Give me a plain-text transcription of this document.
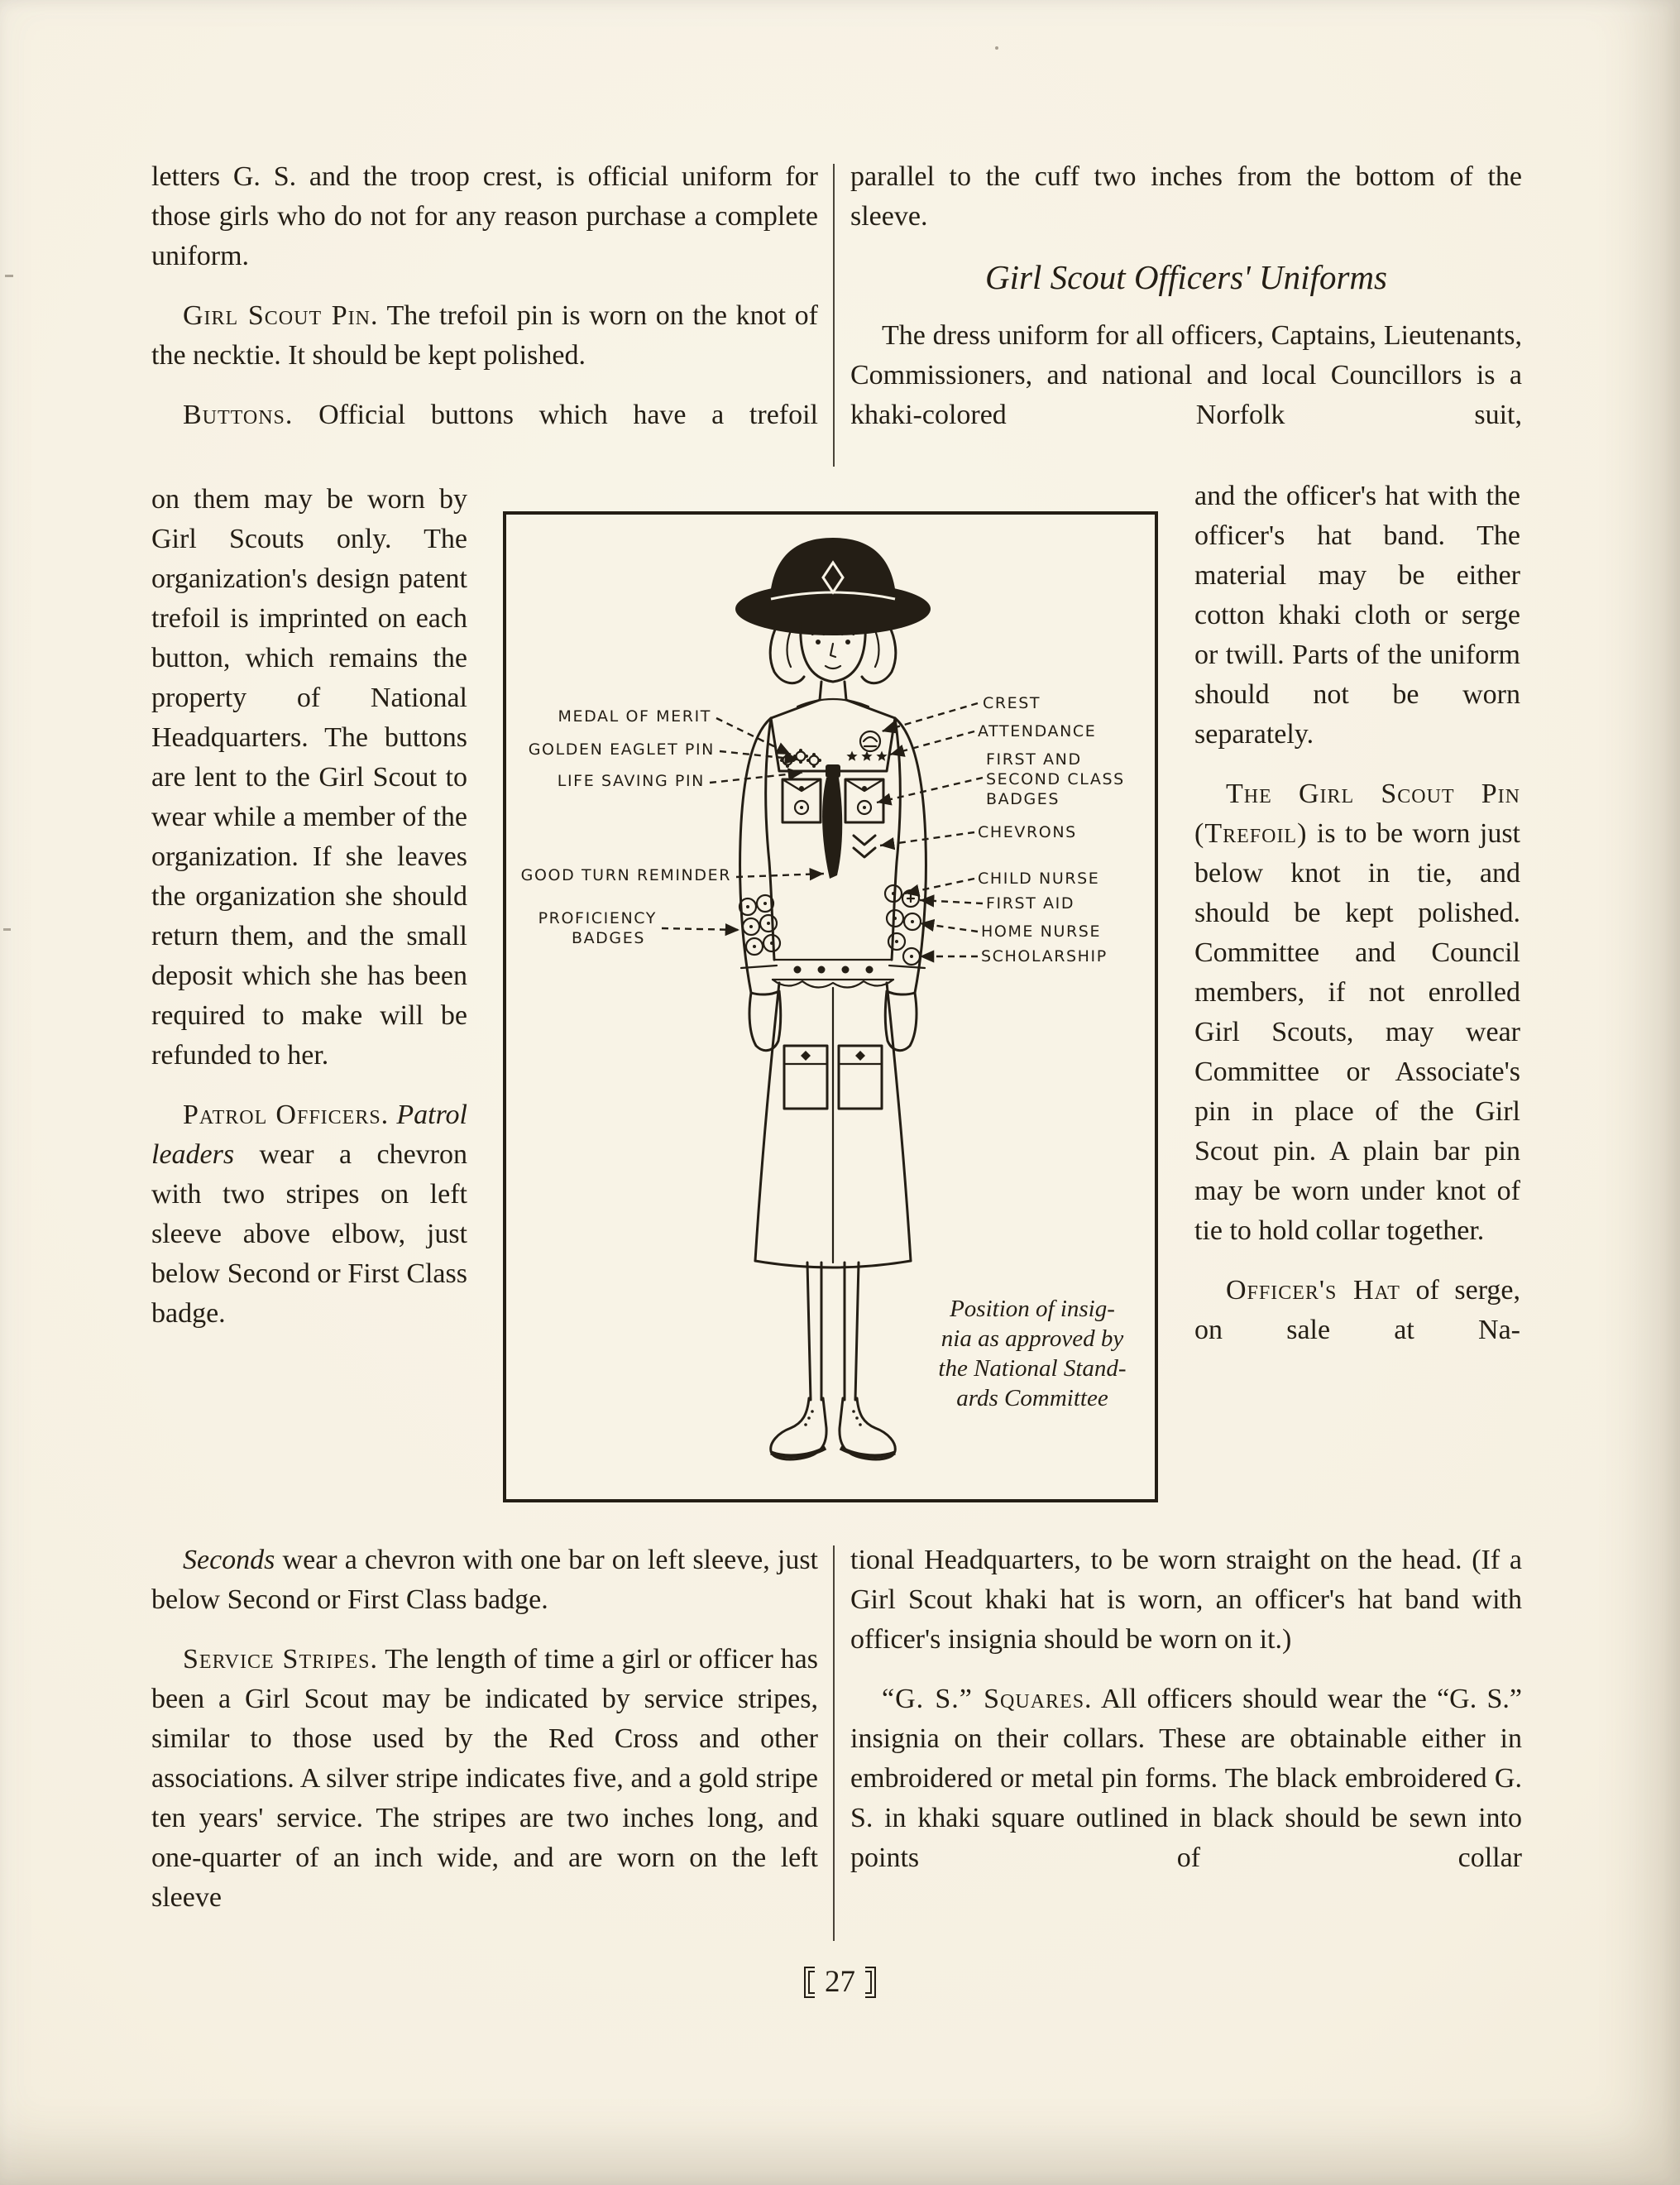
letters G. S. and the troop crest, is official uniform for those girls who do not for any reason purchase a complete uniform.

Girl Scout Pin. The trefoil pin is worn on the knot of the necktie. It should be kept polished.

Buttons. Official buttons which have a trefoil

on them may be worn by Girl Scouts only. The organization's design patent trefoil is imprinted on each button, which remains the property of National Headquarters. The buttons are lent to the Girl Scout to wear while a member of the organization. If she leaves the organization she should return them, and the small deposit which she has been required to make will be refunded to her.

Patrol Officers. Patrol leaders wear a chevron with two stripes on left sleeve above elbow, just below Second or First Class badge.

Seconds wear a chevron with one bar on left sleeve, just below Second or First Class badge.

Service Stripes. The length of time a girl or officer has been a Girl Scout may be indicated by service stripes, similar to those used by the Red Cross and other associations. A silver stripe indicates five, and a gold stripe ten years' service. The stripes are two inches long, and one-quarter of an inch wide, and are worn on the left sleeve

parallel to the cuff two inches from the bottom of the sleeve.

Girl Scout Officers' Uniforms

The dress uniform for all officers, Captains, Lieutenants, Commissioners, and national and local Councillors is a khaki-colored Norfolk suit,

and the officer's hat with the officer's hat band. The material may be either cotton khaki cloth or serge or twill. Parts of the uniform should not be worn separately.

The Girl Scout Pin (Trefoil) is to be worn just below knot in tie, and should be kept polished. Committee and Council members, if not enrolled Girl Scouts, may wear Committee or Associate's pin in place of the Girl Scout pin. A plain bar pin may be worn under knot of tie to hold collar together.

Officer's Hat of serge, on sale at Na-

tional Headquarters, to be worn straight on the head. (If a Girl Scout khaki hat is worn, an officer's hat band with officer's insignia should be worn on it.)

“G. S.” Squares. All officers should wear the “G. S.” insignia on their collars. These are obtainable either in embroidered or metal pin forms. The black embroidered G. S. in khaki square outlined in black should be sewn into points of collar

MEDAL OF MERIT
GOLDEN EAGLET PIN
LIFE SAVING PIN
GOOD TURN REMINDER
PROFICIENCY
BADGES
CREST
ATTENDANCE
FIRST AND
SECOND CLASS
BADGES
CHEVRONS
CHILD NURSE
FIRST AID
HOME NURSE
SCHOLARSHIP
Position of insig-
nia as approved by
the National Stand-
ards Committee
27
